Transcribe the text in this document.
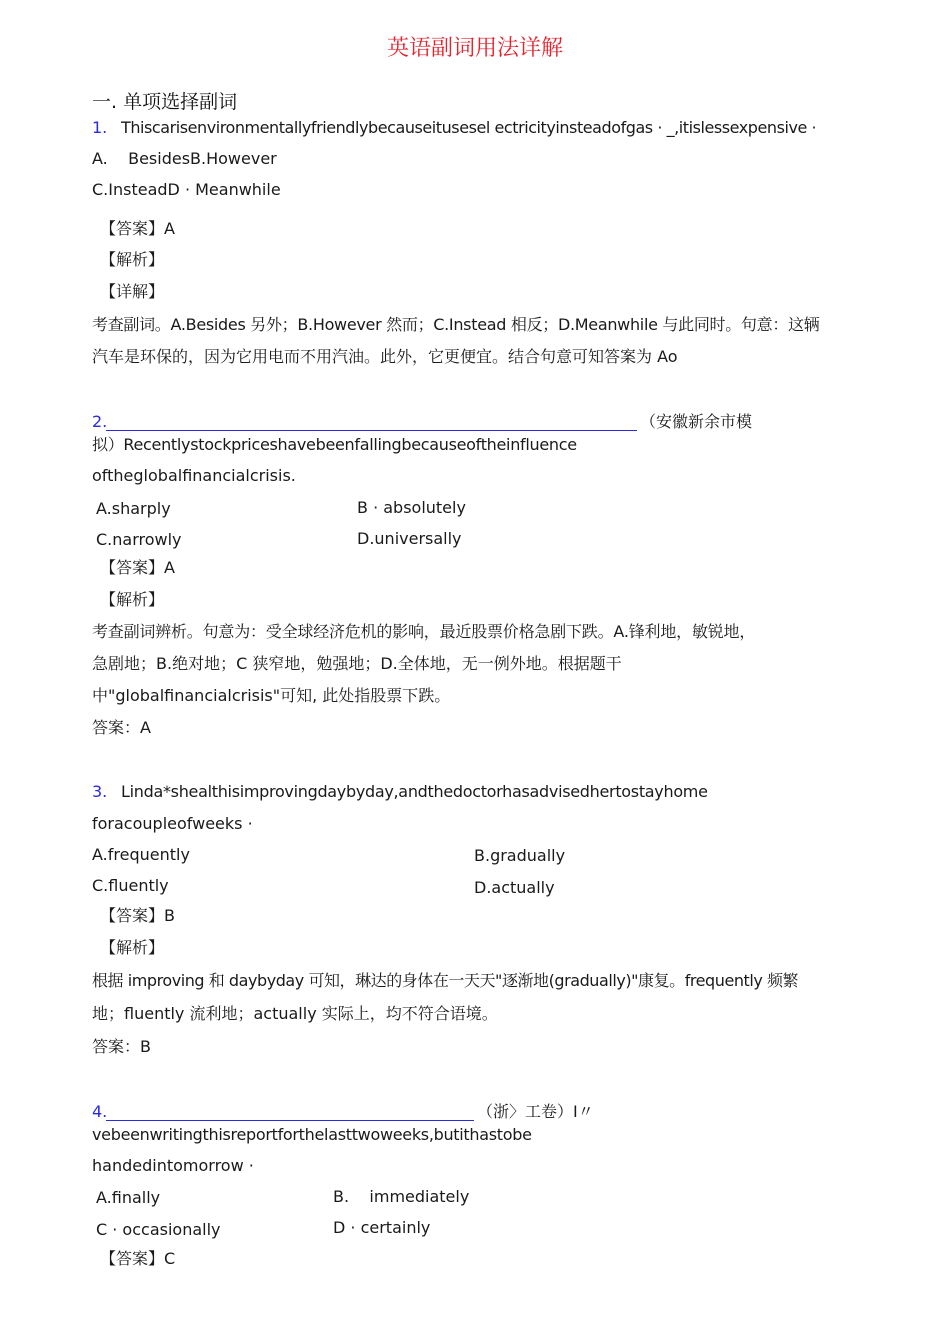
英语副词用法详解
一. 单项选择副词
1. Thiscarisenvironmentallyfriendlybecauseitusesel ectricityinsteadofgas · _,itislessexpensive ·
A.    BesidesB.However
C.InsteadD · Meanwhile
【答案】A
【解析】
【详解】
考查副词。A.Besides 另外；B.However 然而；C.Instead 相反；D.Meanwhile 与此同时。句意：这辆
汽车是环保的，因为它用电而不用汽油。此外，它更便宜。结合句意可知答案为 Ao
2.	（安徽新余市模
拟）Recentlystockpriceshavebeenfallingbecauseoftheinfluence
oftheglobalfinancialcrisis.
A.sharply	B · absolutely
C.narrowly	D.universally
【答案】A
【解析】
考查副词辨析。句意为：受全球经济危机的影响，最近股票价格急剧下跌。A.锋利地，敏锐地，
急剧地；B.绝对地；C 狭窄地，勉强地；D.全体地，无一例外地。根据题干
中"globalfinancialcrisis"可知, 此处指股票下跌。
答案：A
3. Linda*shealthisimprovingdaybyday,andthedoctorhasadvisedhertostayhome
foracoupleofweeks ·
A.frequently	B.gradually
C.fluently	D.actually
【答案】B
【解析】
根据 improving 和 daybyday 可知，琳达的身体在一天天"逐渐地(gradually)"康复。frequently 频繁
地；fluently 流利地；actually 实际上，均不符合语境。
答案：B
4.	（浙〉工卷）I〃
vebeenwritingthisreportforthelasttwoweeks,butithastobe
handedintomorrow ·
A.finally	B.    immediately
C · occasionally	D · certainly
【答案】C
